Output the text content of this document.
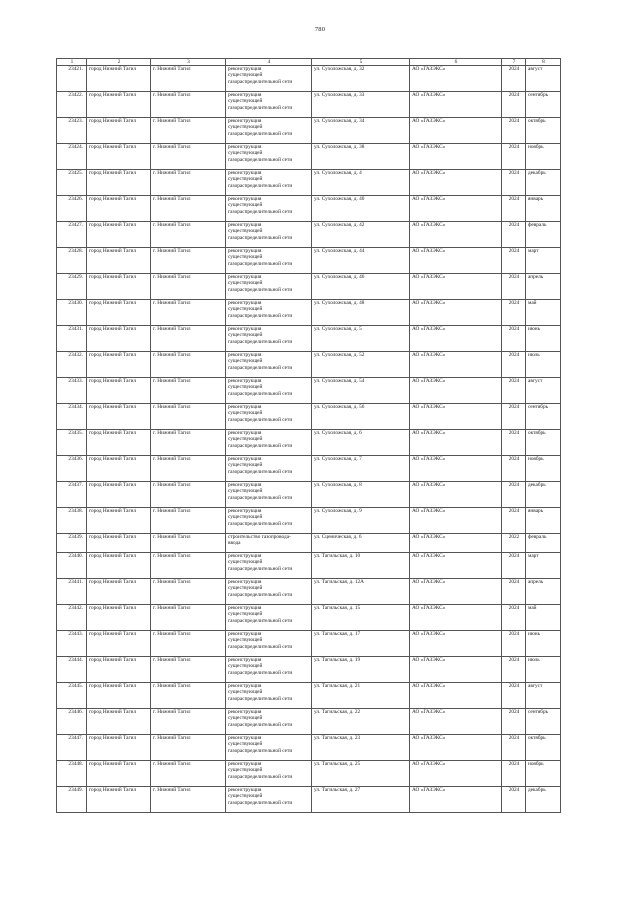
780
1	2	3	4	5	6	7	8
23421.	город Нижний Тагил	г. Нижний Тагил	реконструкция
существующей
газораспределительной сети	ул. Сухоложская, д. 32	АО «ГАЗЭКС»	2024	август
23422.	город Нижний Тагил	г. Нижний Тагил	реконструкция
существующей
газораспределительной сети	ул. Сухоложская, д. 33	АО «ГАЗЭКС»	2024	сентябрь
23423.	город Нижний Тагил	г. Нижний Тагил	реконструкция
существующей
газораспределительной сети	ул. Сухоложская, д. 34	АО «ГАЗЭКС»	2024	октябрь
23424.	город Нижний Тагил	г. Нижний Тагил	реконструкция
существующей
газораспределительной сети	ул. Сухоложская, д. 38	АО «ГАЗЭКС»	2024	ноябрь
23425.	город Нижний Тагил	г. Нижний Тагил	реконструкция
существующей
газораспределительной сети	ул. Сухоложская, д. 4	АО «ГАЗЭКС»	2024	декабрь
23426.	город Нижний Тагил	г. Нижний Тагил	реконструкция
существующей
газораспределительной сети	ул. Сухоложская, д. 40	АО «ГАЗЭКС»	2024	январь
23427.	город Нижний Тагил	г. Нижний Тагил	реконструкция
существующей
газораспределительной сети	ул. Сухоложская, д. 42	АО «ГАЗЭКС»	2024	февраль
23428.	город Нижний Тагил	г. Нижний Тагил	реконструкция
существующей
газораспределительной сети	ул. Сухоложская, д. 44	АО «ГАЗЭКС»	2024	март
23429.	город Нижний Тагил	г. Нижний Тагил	реконструкция
существующей
газораспределительной сети	ул. Сухоложская, д. 46	АО «ГАЗЭКС»	2024	апрель
23430.	город Нижний Тагил	г. Нижний Тагил	реконструкция
существующей
газораспределительной сети	ул. Сухоложская, д. 48	АО «ГАЗЭКС»	2024	май
23431.	город Нижний Тагил	г. Нижний Тагил	реконструкция
существующей
газораспределительной сети	ул. Сухоложская, д. 5	АО «ГАЗЭКС»	2024	июнь
23432.	город Нижний Тагил	г. Нижний Тагил	реконструкция
существующей
газораспределительной сети	ул. Сухоложская, д. 52	АО «ГАЗЭКС»	2024	июль
23433.	город Нижний Тагил	г. Нижний Тагил	реконструкция
существующей
газораспределительной сети	ул. Сухоложская, д. 54	АО «ГАЗЭКС»	2024	август
23434.	город Нижний Тагил	г. Нижний Тагил	реконструкция
существующей
газораспределительной сети	ул. Сухоложская, д. 56	АО «ГАЗЭКС»	2024	сентябрь
23435.	город Нижний Тагил	г. Нижний Тагил	реконструкция
существующей
газораспределительной сети	ул. Сухоложская, д. 6	АО «ГАЗЭКС»	2024	октябрь
23436.	город Нижний Тагил	г. Нижний Тагил	реконструкция
существующей
газораспределительной сети	ул. Сухоложская, д. 7	АО «ГАЗЭКС»	2024	ноябрь
23437.	город Нижний Тагил	г. Нижний Тагил	реконструкция
существующей
газораспределительной сети	ул. Сухоложская, д. 8	АО «ГАЗЭКС»	2024	декабрь
23438.	город Нижний Тагил	г. Нижний Тагил	реконструкция
существующей
газораспределительной сети	ул. Сухоложская, д. 9	АО «ГАЗЭКС»	2024	январь
23439.	город Нижний Тагил	г. Нижний Тагил	строительство газопровода-
ввода	ул. Сценическая, д. 6	АО «ГАЗЭКС»	2022	февраль
23440.	город Нижний Тагил	г. Нижний Тагил	реконструкция
существующей
газораспределительной сети	ул. Тагильская, д. 10	АО «ГАЗЭКС»	2024	март
23441.	город Нижний Тагил	г. Нижний Тагил	реконструкция
существующей
газораспределительной сети	ул. Тагильская, д. 12А	АО «ГАЗЭКС»	2024	апрель
23442.	город Нижний Тагил	г. Нижний Тагил	реконструкция
существующей
газораспределительной сети	ул. Тагильская, д. 15	АО «ГАЗЭКС»	2024	май
23443.	город Нижний Тагил	г. Нижний Тагил	реконструкция
существующей
газораспределительной сети	ул. Тагильская, д. 17	АО «ГАЗЭКС»	2024	июнь
23444.	город Нижний Тагил	г. Нижний Тагил	реконструкция
существующей
газораспределительной сети	ул. Тагильская, д. 19	АО «ГАЗЭКС»	2024	июль
23445.	город Нижний Тагил	г. Нижний Тагил	реконструкция
существующей
газораспределительной сети	ул. Тагильская, д. 21	АО «ГАЗЭКС»	2024	август
23446.	город Нижний Тагил	г. Нижний Тагил	реконструкция
существующей
газораспределительной сети	ул. Тагильская, д. 22	АО «ГАЗЭКС»	2024	сентябрь
23447.	город Нижний Тагил	г. Нижний Тагил	реконструкция
существующей
газораспределительной сети	ул. Тагильская, д. 23	АО «ГАЗЭКС»	2024	октябрь
23448.	город Нижний Тагил	г. Нижний Тагил	реконструкция
существующей
газораспределительной сети	ул. Тагильская, д. 25	АО «ГАЗЭКС»	2024	ноябрь
23449.	город Нижний Тагил	г. Нижний Тагил	реконструкция
существующей
газораспределительной сети	ул. Тагильская, д. 27	АО «ГАЗЭКС»	2024	декабрь
